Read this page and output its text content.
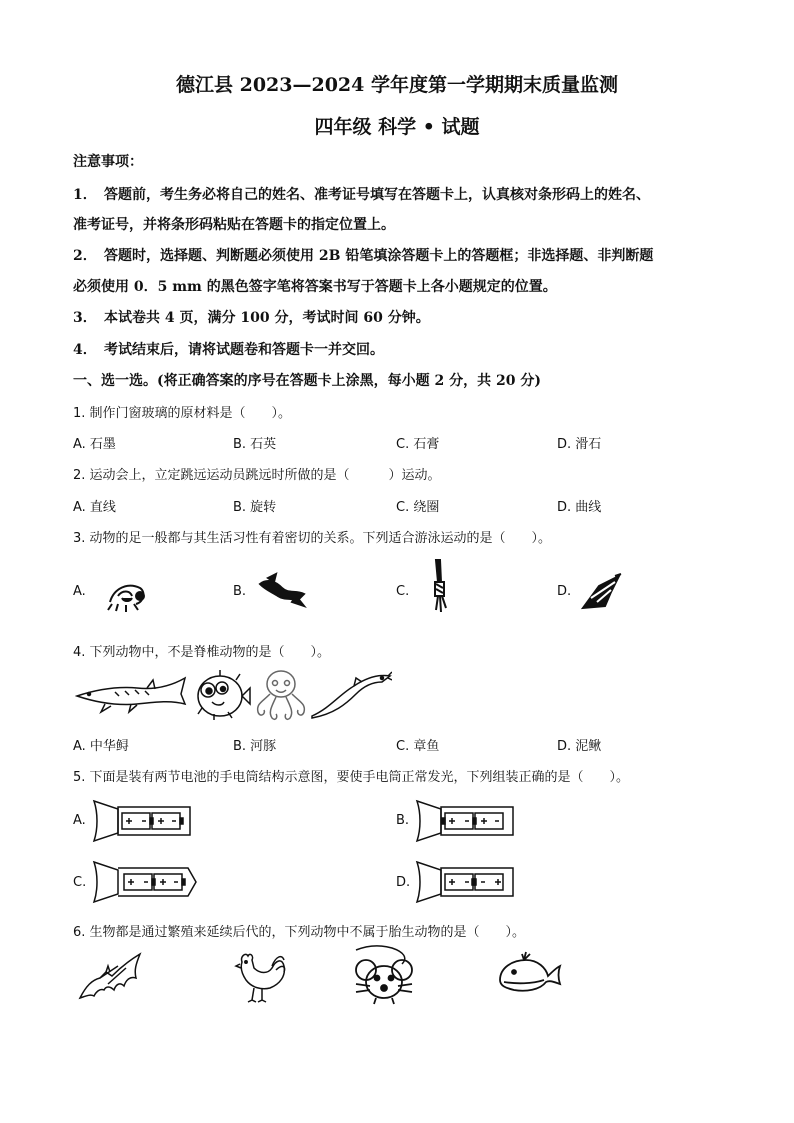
德江县 2023—2024 学年度第一学期期末质量监测
四年级 科学 • 试题
注意事项：
1． 答题前，考生务必将自己的姓名、准考证号填写在答题卡上，认真核对条形码上的姓名、
准考证号，并将条形码粘贴在答题卡的指定位置上。
2． 答题时，选择题、判断题必须使用 2B 铅笔填涂答题卡上的答题框；非选择题、非判断题
必须使用 0．5 mm 的黑色签字笔将答案书写于答题卡上各小题规定的位置。
3． 本试卷共 4 页，满分 100 分，考试时间 60 分钟。
4． 考试结束后，请将试题卷和答题卡一并交回。
一、选一选。(将正确答案的序号在答题卡上涂黑，每小题 2 分，共 20 分)
1. 制作门窗玻璃的原材料是（　　）。
A. 石墨	B. 石英	C. 石膏	D. 滑石
2. 运动会上，立定跳远运动员跳远时所做的是（　　　）运动。
A. 直线	B. 旋转	C. 绕圈	D. 曲线
3. 动物的足一般都与其生活习性有着密切的关系。下列适合游泳运动的是（　　）。
A.	B.	C.	D.
4. 下列动物中，不是脊椎动物的是（　　）。
A. 中华鲟	B. 河豚	C. 章鱼	D. 泥鳅
5. 下面是装有两节电池的手电筒结构示意图，要使手电筒正常发光，下列组装正确的是（　　）。
A.	B.
C.	D.
6. 生物都是通过繁殖来延续后代的，下列动物中不属于胎生动物的是（　　）。
